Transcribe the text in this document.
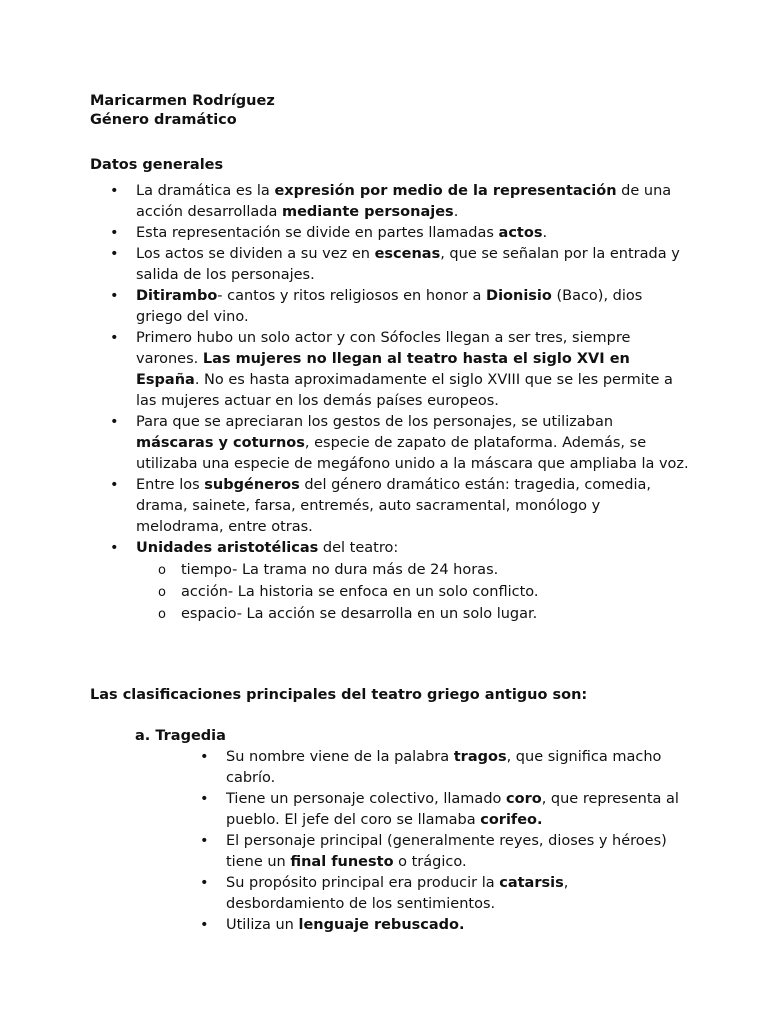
Maricarmen Rodríguez
Género dramático
Datos generales
• La dramática es la expresión por medio de la representación de una acción desarrollada mediante personajes.
• Esta representación se divide en partes llamadas actos.
• Los actos se dividen a su vez en escenas, que se señalan por la entrada y salida de los personajes.
• Ditirambo- cantos y ritos religiosos en honor a Dionisio (Baco), dios griego del vino.
• Primero hubo un solo actor y con Sófocles llegan a ser tres, siempre varones. Las mujeres no llegan al teatro hasta el siglo XVI en España. No es hasta aproximadamente el siglo XVIII que se les permite a las mujeres actuar en los demás países europeos.
• Para que se apreciaran los gestos de los personajes, se utilizaban máscaras y coturnos, especie de zapato de plataforma. Además, se utilizaba una especie de megáfono unido a la máscara que ampliaba la voz.
• Entre los subgéneros del género dramático están: tragedia, comedia, drama, sainete, farsa, entremés, auto sacramental, monólogo y melodrama, entre otras.
• Unidades aristotélicas del teatro:
o tiempo- La trama no dura más de 24 horas.
o acción- La historia se enfoca en un solo conflicto.
o espacio- La acción se desarrolla en un solo lugar.
Las clasificaciones principales del teatro griego antiguo son:
a. Tragedia
• Su nombre viene de la palabra tragos, que significa macho cabrío.
• Tiene un personaje colectivo, llamado coro, que representa al pueblo. El jefe del coro se llamaba corifeo.
• El personaje principal (generalmente reyes, dioses y héroes) tiene un final funesto o trágico.
• Su propósito principal era producir la catarsis, desbordamiento de los sentimientos.
• Utiliza un lenguaje rebuscado.
